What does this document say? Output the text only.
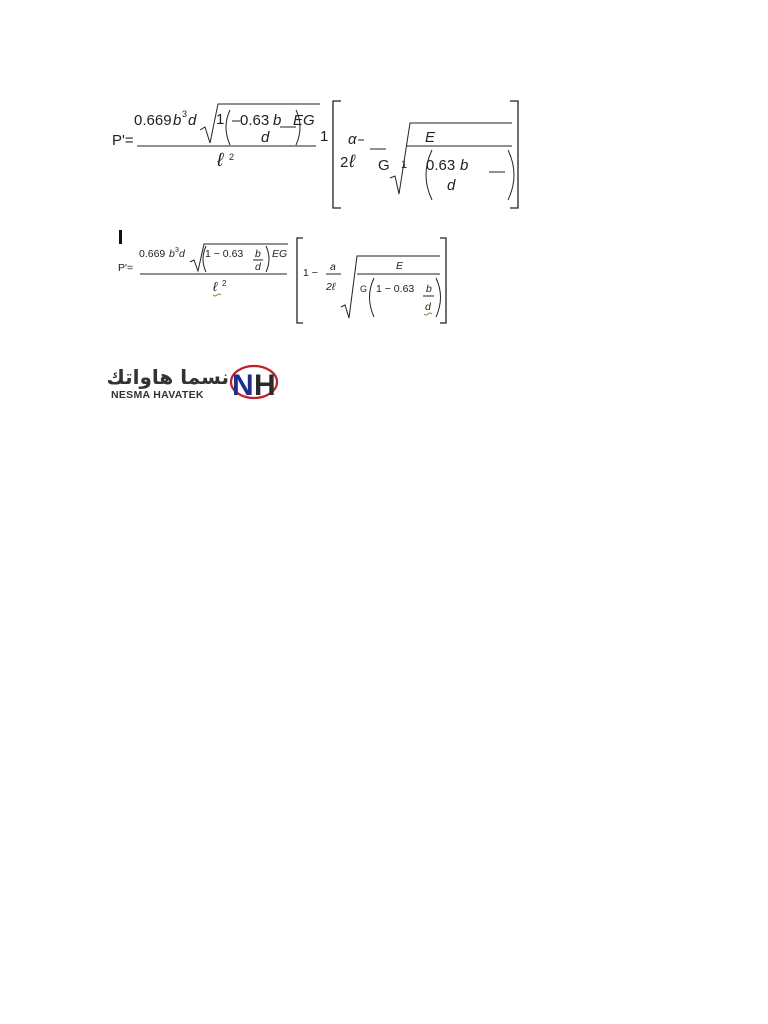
P'=
0.669 b 3 d 1 – 0.63 b
d
EG
1
ℓ 2
α
2 ℓ G
E
1 0.63 b
d
P'=
0.669 b 3 d 1 − 0.63 b
d
EG
ℓ 2
1 − a
2ℓ
E
G 1 − 0.63 b
d
نسما هاواتك
NESMA HAVATEK N H
